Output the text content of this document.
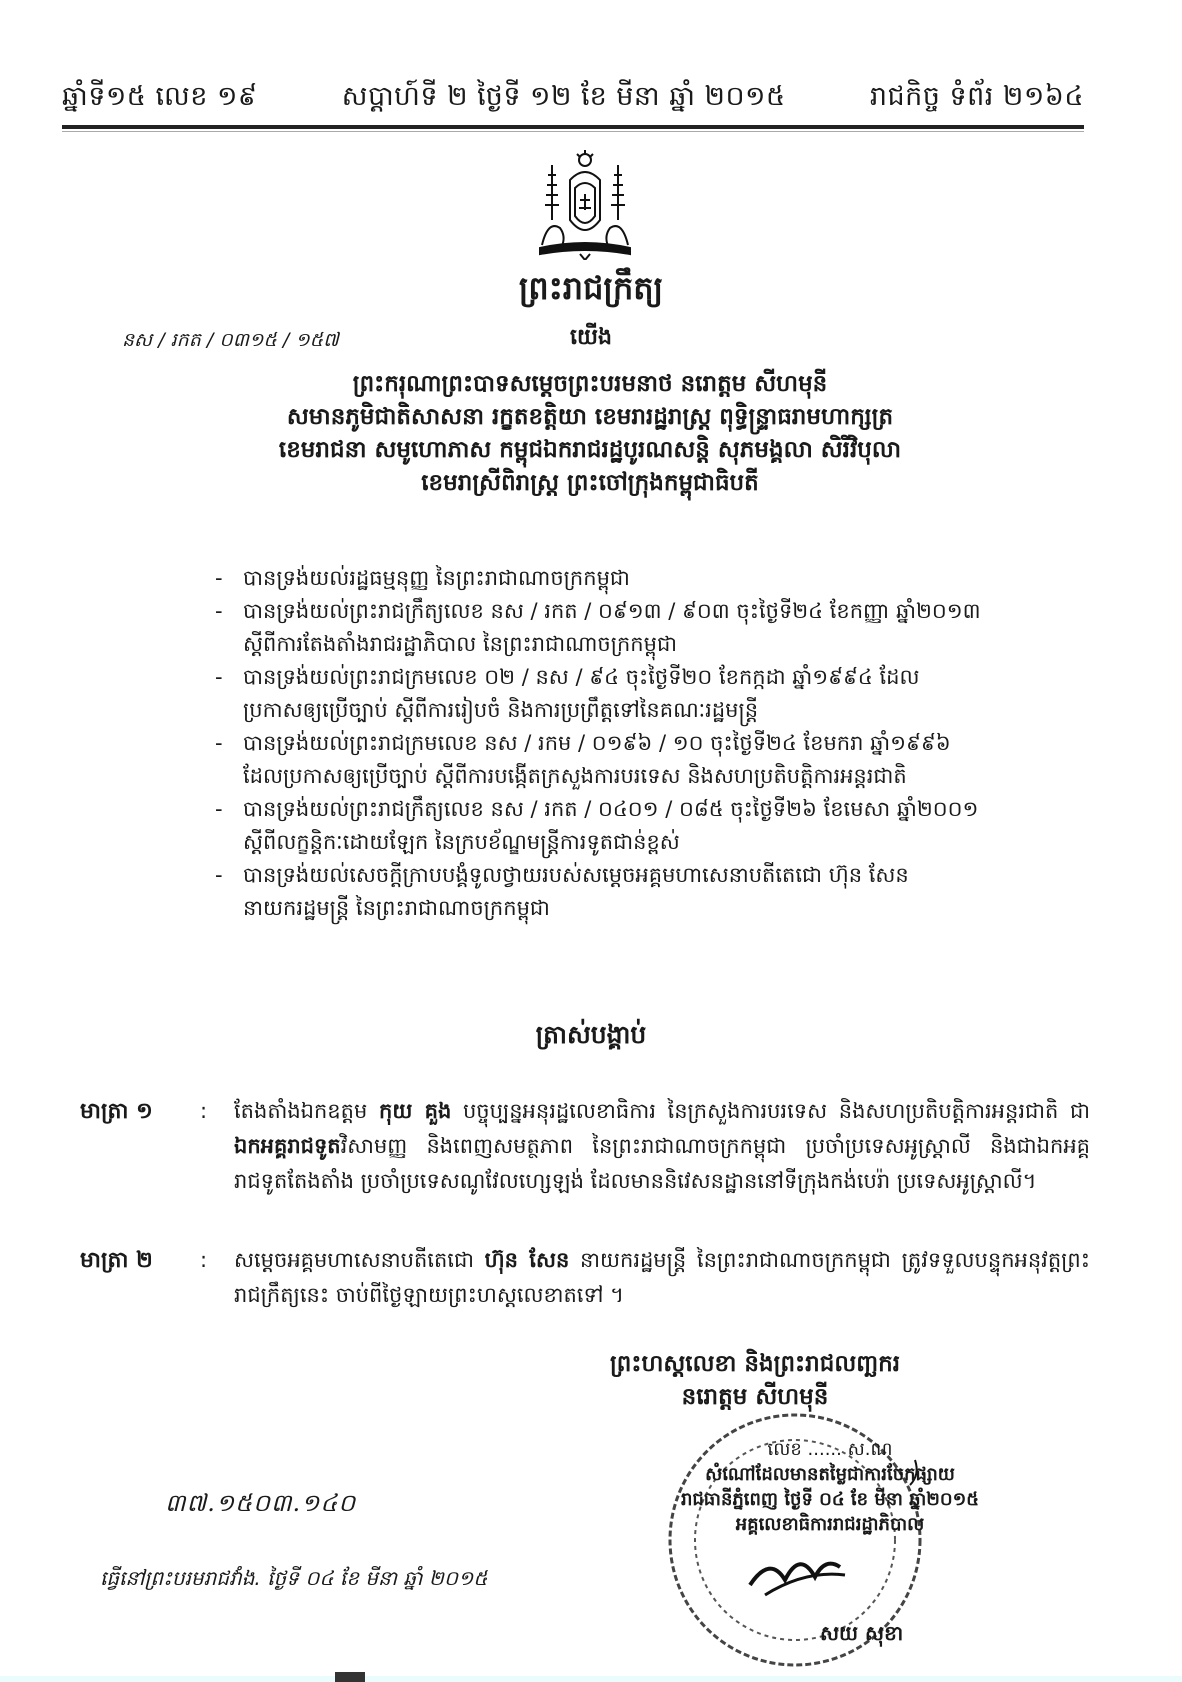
ឆ្នាំទី១៥ លេខ ១៩	សប្តាហ៍ទី ២ ថ្ងៃទី ១២ ខែ មីនា ឆ្នាំ ២០១៥	រាជកិច្ច ទំព័រ ២១៦៤
ព្រះរាជក្រឹត្យ
យើង
នស / រកត / ០៣១៥ / ១៥៧
ព្រះករុណាព្រះបាទសម្តេចព្រះបរមនាថ នរោត្តម សីហមុនី
សមានភូមិជាតិសាសនា រក្ខតខត្តិយា ខេមរារដ្ឋរាស្ត្រ ពុទ្ធិន្ទ្រាធរាមហាក្សត្រ
ខេមរាជនា សមូហោភាស កម្ពុជឯករាជរដ្ឋបូរណសន្តិ សុភមង្គលា សិរីវិបុលា
ខេមរាស្រីពិរាស្ត្រ ព្រះចៅក្រុងកម្ពុជាធិបតី
- បានទ្រង់យល់រដ្ឋធម្មនុញ្ញ នៃព្រះរាជាណាចក្រកម្ពុជា
- បានទ្រង់យល់ព្រះរាជក្រឹត្យលេខ នស / រកត / ០៩១៣ / ៩០៣ ចុះថ្ងៃទី២៤ ខែកញ្ញា ឆ្នាំ២០១៣
ស្តីពីការតែងតាំងរាជរដ្ឋាភិបាល នៃព្រះរាជាណាចក្រកម្ពុជា
- បានទ្រង់យល់ព្រះរាជក្រមលេខ ០២ / នស / ៩៤ ចុះថ្ងៃទី២០ ខែកក្កដា ឆ្នាំ១៩៩៤ ដែល
ប្រកាសឲ្យប្រើច្បាប់ ស្តីពីការរៀបចំ និងការប្រព្រឹត្តទៅនៃគណៈរដ្ឋមន្ត្រី
- បានទ្រង់យល់ព្រះរាជក្រមលេខ នស / រកម / ០១៩៦ / ១០ ចុះថ្ងៃទី២៤ ខែមករា ឆ្នាំ១៩៩៦
ដែលប្រកាសឲ្យប្រើច្បាប់ ស្តីពីការបង្កើតក្រសួងការបរទេស និងសហប្រតិបត្តិការអន្តរជាតិ
- បានទ្រង់យល់ព្រះរាជក្រឹត្យលេខ នស / រកត / ០៤០១ / ០៨៥ ចុះថ្ងៃទី២៦ ខែមេសា ឆ្នាំ២០០១
ស្តីពីលក្ខន្តិកៈដោយឡែក នៃក្របខ័ណ្ឌមន្ត្រីការទូតជាន់ខ្ពស់
- បានទ្រង់យល់សេចក្តីក្រាបបង្គំទូលថ្វាយរបស់សម្តេចអគ្គមហាសេនាបតីតេជោ ហ៊ុន សែន
នាយករដ្ឋមន្ត្រី នៃព្រះរាជាណាចក្រកម្ពុជា
ត្រាស់បង្គាប់
មាត្រា ១	:	តែងតាំងឯកឧត្តម កុយ គួង បច្ចុប្បន្នអនុរដ្ឋលេខាធិការ នៃក្រសួងការបរទេស និងសហប្រតិបត្តិការអន្តរជាតិ ជា ឯកអគ្គរាជទូតវិសាមញ្ញ និងពេញសមត្ថភាព នៃព្រះរាជាណាចក្រកម្ពុជា ប្រចាំប្រទេសអូស្ត្រាលី និងជាឯកអគ្គរាជទូតតែងតាំង ប្រចាំប្រទេសណូវែលហ្សេឡង់ ដែលមាននិវេសនដ្ឋាននៅទីក្រុងកង់បេរ៉ា ប្រទេសអូស្ត្រាលី។
មាត្រា ២	:	សម្តេចអគ្គមហាសេនាបតីតេជោ ហ៊ុន សែន នាយករដ្ឋមន្ត្រី នៃព្រះរាជាណាចក្រកម្ពុជា ត្រូវទទួលបន្ទុកអនុវត្តព្រះរាជក្រឹត្យនេះ ចាប់ពីថ្ងៃឡាយព្រះហស្តលេខាតទៅ ។
ព្រះហស្តលេខា និងព្រះរាជលញ្ឆករ
នរោត្តម សីហមុនី
លេខ ...... ស.ណ
សំណៅដែលមានតម្លៃជាការចែកផ្សាយ
រាជធានីភ្នំពេញ ថ្ងៃទី ០៤ ខែ មីនា ឆ្នាំ២០១៥
អគ្គលេខាធិការរាជរដ្ឋាភិបាល
សយ សុខា
៣៧.១៥០៣.១៤០
ធ្វើនៅព្រះបរមរាជវាំង. ថ្ងៃទី ០៤ ខែ មីនា ឆ្នាំ ២០១៥
